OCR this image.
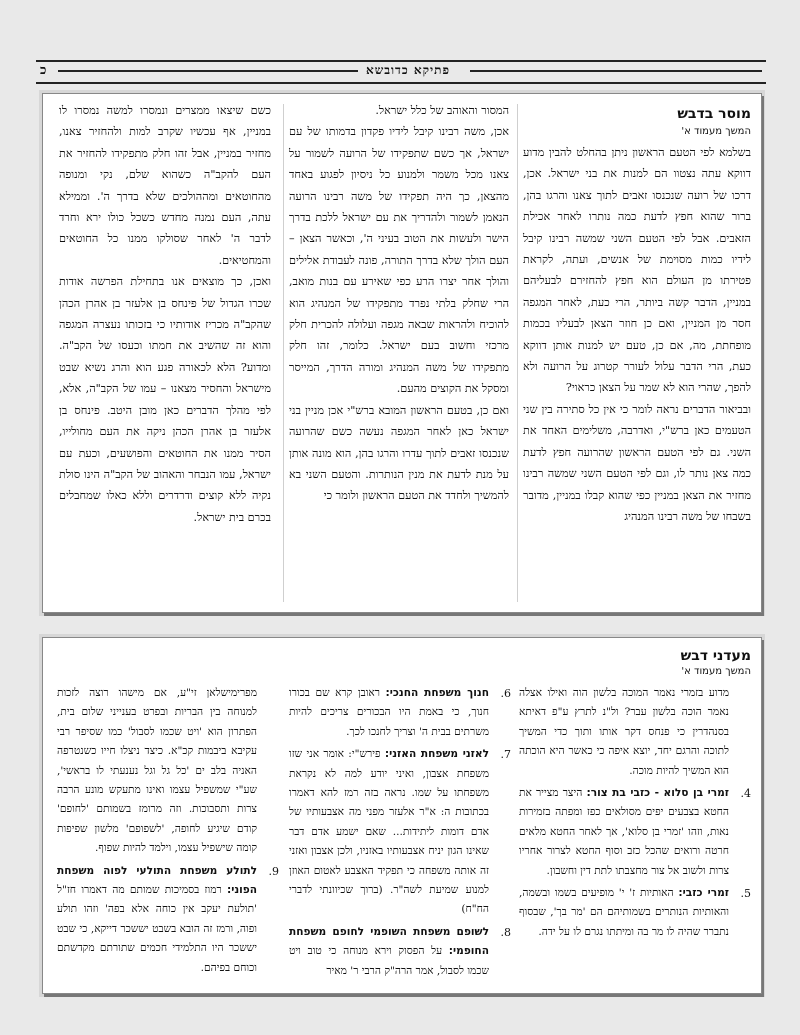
כ	פתיקא כדובשא
מוסר בדבש
המשך מעמוד א'

בשלמא לפי הטעם הראשון ניתן בהחלט להבין מדוע דווקא עתה נצטוו הם למנות את בני ישראל. אכן, דרכו של רועה שנכנסו זאבים לתוך צאנו והרגו בהן, ברור שהוא חפץ לדעת כמה נותרו לאחר אכילת הזאבים. אבל לפי הטעם השני שמשה רבינו קיבל לידיו כמות מסוימת של אנשים, ועתה, לקראת פטירתו מן העולם הוא חפץ להחזירם לבעליהם במניין, הדבר קשה ביותר, הרי כעת, לאחר המגפה חסר מן המניין, ואם כן חוזר הצאן לבעליו בכמות מופחתת, מה, אם כן, טעם יש למנות אותן דווקא כעת, הרי הדבר עלול לעורר קטרוג על הרועה ולא להפך, שהרי הוא לא שמר על הצאן כראוי?

ובביאור הדברים נראה לומר כי אין כל סתירה בין שני הטעמים כאן ברש"י, ואדרבה, משלימים האחד את השני. גם לפי הטעם הראשון שהרועה חפץ לדעת כמה צאן נותר לו, וגם לפי הטעם השני שמשה רבינו מחזיר את הצאן במניין כפי שהוא קבלו במניין, מדובר בשבחו של משה רבינו המנהיג

המסור והאוהב של כלל ישראל.

אכן, משה רבינו קיבל לידיו פקדון בדמותו של עם ישראל, אך כשם שתפקידו של הרועה לשמור על צאנו מכל משמר ולמנוע כל ניסיון לפגוע באחד מהצאן, כך היה תפקידו של משה רבינו הרועה הנאמן לשמור ולהדריך את עם ישראל ללכת בדרך הישר ולעשות את הטוב בעיני ה', וכאשר הצאן – העם הולך שלא בדרך התורה, פונה לעבודת אלילים והולך אחר יצרו הרע כפי שאירע עם בנות מואב, הרי שחלק בלתי נפרד מתפקידו של המנהיג הוא להוכיח ולהראות שבאה מגפה ועלולה להכרית חלק מרכזי וחשוב בעם ישראל. כלומר, זהו חלק מתפקידו של משה המנהיג ומורה הדרך, המייסר ומסקל את הקוצים מהעם.

ואם כן, בטעם הראשון המובא ברש"י אכן מניין בני ישראל כאן לאחר המגפה נעשה כשם שהרועה שנכנסו זאבים לתוך עדרו והרגו בהן, הוא מונה אותן על מנת לדעת את מנין הנותרות. והטעם השני בא להמשיך ולחדד את הטעם הראשון ולומר כי

כשם שיצאו ממצרים ונמסרו למשה נמסרו לו במניין, אף עכשיו שקרב למות ולהחזיר צאנו, מחזיר במניין, אבל זהו חלק מתפקידו להחזיר את העם להקב"ה כשהוא שלם, נקי ומנופה מהחוטאים ומההולכים שלא בדרך ה'. וממילא עתה, העם נמנה מחדש כשכל כולו ירא וחרד לדבר ה' לאחר שסולקו ממנו כל החוטאים והמחטיאים.

ואכן, כך מוצאים אנו בתחילת הפרשה אודות שכרו הגדול של פינחס בן אלעזר בן אהרן הכהן שהקב"ה מכריז אודותיו כי בזכותו נעצרה המגפה והוא זה שהשיב את חמתו וכעסו של הקב"ה. ומדוע? הלא לכאורה פגע הוא והרג נשיא שבט מישראל והחסיר מצאנו – עמו של הקב"ה, אלא, לפי מהלך הדברים כאן מובן היטב. פינחס בן אלעזר בן אהרן הכהן ניקה את העם מחולייו, הסיר ממנו את החוטאים והפושעים, וכעת עם ישראל, עמו הנבחר והאהוב של הקב"ה הינו סולת נקיה ללא קוצים ודרדרים וללא כאלו שמחבלים בכרם בית ישראל.

מעדני דבש
המשך מעמוד א'
מדוע בזמרי נאמר המוכה בלשון הוה ואילו אצלה נאמר הוכה בלשון עבר? ול"נ לתרץ ע"פ דאיתא בסנהדרין כי פנחס דקר אותו ותוך כדי המשיך לתוכה והרגם יחד, יוצא איפה כי כאשר היא הוכתה הוא המשיך להיות מוכה.
4.
זמרי בן סלוא - כזבי בת צור: היצר מצייר את החטא בצבעים יפים מסולאים כפז ומפתה בזמירות נאות, וזהו 'זמרי בן סלוא', אך לאחר החטא מלאים חרטה ורואים שהכל כזב וסוף החטא לצרור אחריו צרות ולשוב אל צור מחצבתו לתת דין וחשבון.
5.
זמרי כזבי: האותיות ז' י' מופיעים בשמו ובשמה, והאותיות הנותרים בשמותיהם הם 'מר בך', שבסוף נתברר שהיה לו מר בה ומיתתו נגרם לו על ידה.
6.
חנוך משפחת החנכי: ראובן קרא שם בכורו חנוך, כי באמת היו הבכורים צריכים להיות משרתים בבית ה' וצריך לחנכו לכך.
7.
לאזני משפחת האזני: פירש"י: אומר אני שזו משפחת אצבון, ואיני יודע למה לא נקראת משפחתו על שמו. נראה בזה רמז להא דאמרו בכתובות ה: א"ר אלעזר מפני מה אצבעותיו של אדם דומות ליתידות... שאם ישמע אדם דבר שאינו הגון יניח אצבעותיו באזניו, ולכן אצבון ואזני זה אותה משפחה כי תפקיד האצבע לאטום האוזן למנוע שמיעת לשה"ר. (ברוך שכיוונתי לדברי הח"ח)
8.
לשופם משפחת השופמי לחופם משפחת החופמי: על הפסוק וירא מנוחה כי טוב ויט שכמו לסבול, אמר הרה"ק הרבי ר' מאיר
מפרימישלאן זי"ע, אם מישהו רוצה לזכות למנוחה בין הבריות ובפרט בענייני שלום בית, הפתרון הוא 'ויט שכמו לסבול' כמו שסיפר רבי עקיבא ביבמות קכ"א. כיצד ניצלו חייו כשנטרפה האניה בלב ים 'כל גל וגל נענעתי לו בראשי', שע"י שמשפיל עצמו ואינו מתעקש מונע הרבה צרות ותסבוכות. וזה מרומז בשמותם 'לחופם' קודם שיגיע לחופה, 'לשפופם' מלשון שפיפות קומה שישפיל עצמו, וילמד להיות שפוף.
9.
לתולע משפחת התולעי לפוה משפחת הפוני: רמוז בסמיכות שמותם מה דאמרו חז"ל 'תולעת יעקב אין כוחה אלא בפה' וזהו תולע ופוה, ורמז זה הובא בשבט יששכר דייקא, כי שבט יששכר היו התלמידי חכמים שתורתם מקדשתם וכוחם בפיהם.
